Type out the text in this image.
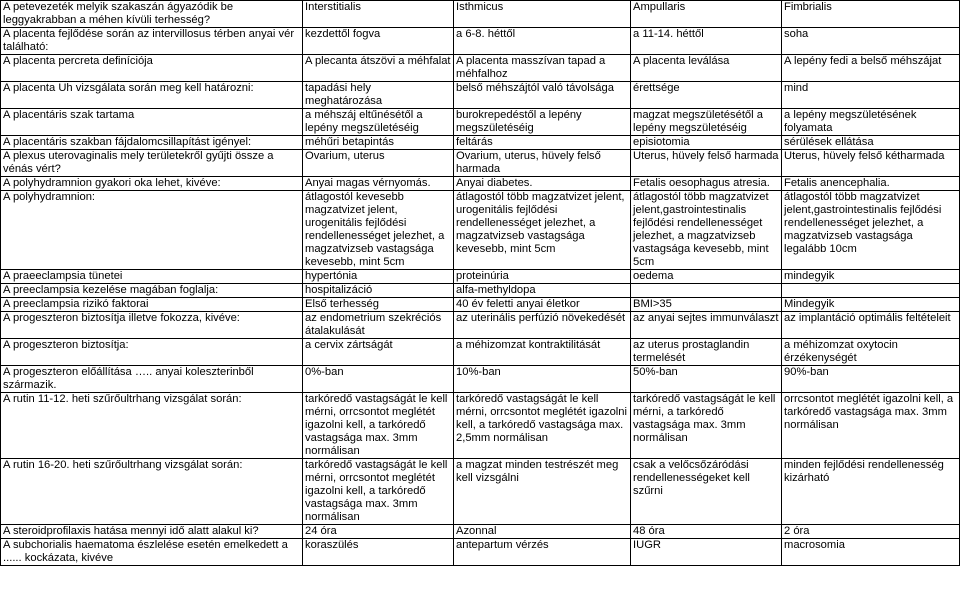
A petevezeték melyik szakaszán ágyazódik be leggyakrabban a méhen kívüli terhesség?	Interstitialis	Isthmicus	Ampullaris	Fimbrialis
A placenta fejlődése során az intervillosus térben anyai vér található:	kezdettől fogva	a 6-8. héttől	a 11-14. héttől	soha
A placenta percreta definíciója	A plecanta átszövi a méhfalat	A placenta masszívan tapad a méhfalhoz	A placenta leválása	A lepény fedi a belső méhszájat
A placenta Uh vizsgálata során meg kell határozni:	tapadási hely meghatározása	belső méhszájtól való távolsága	érettsége	mind
A placentáris szak tartama	a méhszáj eltűnésétől a lepény megszületéséig	burokrepedéstől a lepény megszületéséig	magzat megszületésétől a lepény megszületéséig	a lepény megszületésének folyamata
A placentáris szakban fájdalomcsillapítást igényel:	méhűri betapintás	feltárás	episiotomia	sérülések ellátása
A plexus uterovaginalis mely területekről gyűjti össze a vénás vért?	Ovarium, uterus	Ovarium, uterus, hüvely felső harmada	Uterus, hüvely felső harmada	Uterus, hüvely felső kétharmada
A polyhydramnion gyakori oka lehet, kivéve:	Anyai magas vérnyomás.	Anyai diabetes.	Fetalis oesophagus atresia.	Fetalis anencephalia.
A polyhydramnion:	átlagostól kevesebb magzatvizet jelent, urogenitális fejlődési rendellenességet jelezhet, a magzatvizseb vastagsága kevesebb, mint 5cm	átlagostól több magzatvizet jelent, urogenitális fejlődési rendellenességet jelezhet, a magzatvizseb vastagsága kevesebb, mint 5cm	átlagostól több magzatvizet jelent,gastrointestinalis fejlődési rendellenességet jelezhet, a magzatvizseb vastagsága kevesebb, mint 5cm	átlagostól több magzatvizet jelent,gastrointestinalis fejlődési rendellenességet jelezhet, a magzatvizseb vastagsága legalább 10cm
A praeeclampsia tünetei	hypertónia	proteinúria	oedema	mindegyik
A preeclampsia kezelése magában foglalja:	hospitalizáció	alfa-methyldopa		
A preeclampsia rizikó faktorai	Első terhesség	40 év feletti anyai életkor	BMI>35	Mindegyik
A progeszteron biztosítja illetve fokozza, kivéve:	az endometrium szekréciós átalakulását	az uterinális perfúzió növekedését	az anyai sejtes immunválaszt	az implantáció optimális feltételeit
A progeszteron biztosítja:	a cervix zártságát	a méhizomzat kontraktilitását	az uterus prostaglandin termelését	a méhizomzat oxytocin érzékenységét
A progeszteron előállítása ….. anyai koleszterinből származik.	0%-ban	10%-ban	50%-ban	90%-ban
A rutin 11-12. heti szűrőultrhang vizsgálat során:	tarkóredő vastagságát le kell mérni, orrcsontot meglétét igazolni kell, a tarkóredő vastagsága max. 3mm normálisan	tarkóredő vastagságát le kell mérni, orrcsontot meglétét igazolni kell, a tarkóredő vastagsága max. 2,5mm normálisan	tarkóredő vastagságát le kell mérni, a tarkóredő vastagsága max. 3mm normálisan	orrcsontot meglétét igazolni kell, a tarkóredő vastagsága max. 3mm normálisan
A rutin 16-20. heti szűrőultrhang vizsgálat során:	tarkóredő vastagságát le kell mérni, orrcsontot meglétét igazolni kell, a tarkóredő vastagsága max. 3mm normálisan	a magzat minden testrészét meg kell vizsgálni	csak a velőcsőzáródási rendellenességeket kell szűrni	minden fejlődési rendellenesség kizárható
A steroidprofilaxis hatása mennyi idő alatt alakul ki?	24 óra	Azonnal	48 óra	2 óra
A subchorialis haematoma észlelése esetén emelkedett a ...... kockázata, kivéve	koraszülés	antepartum vérzés	IUGR	macrosomia
